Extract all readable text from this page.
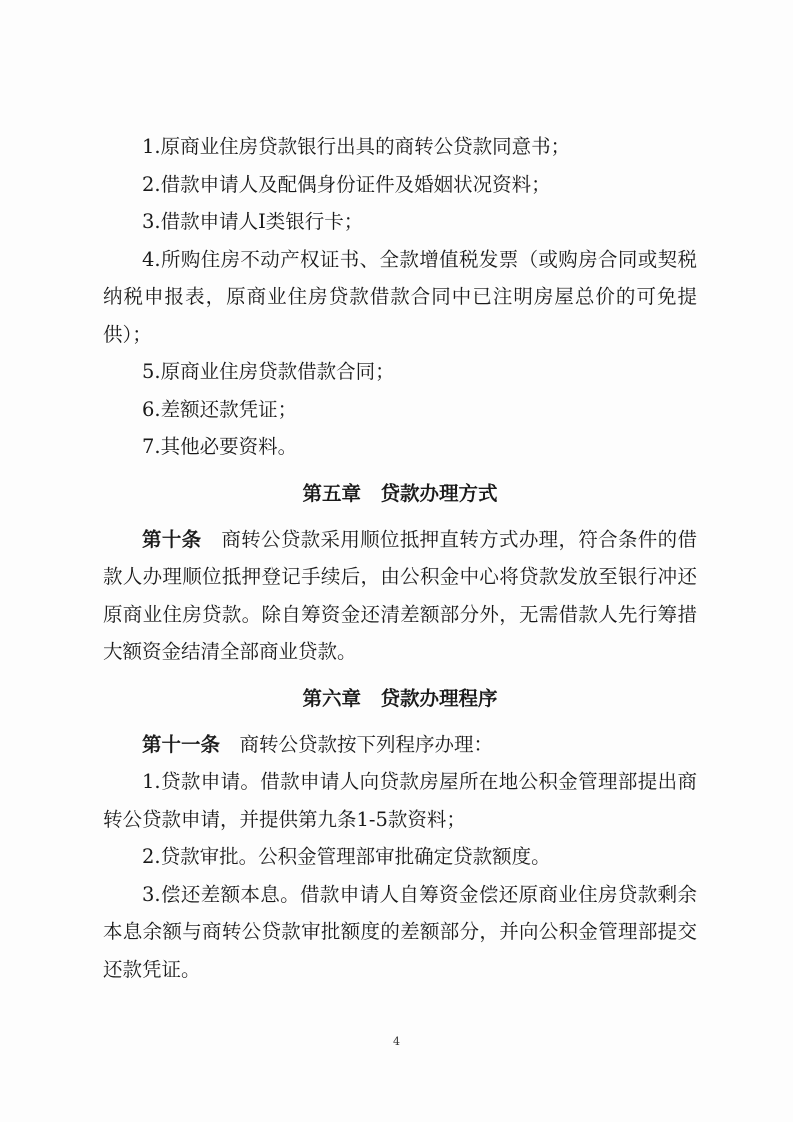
1.原商业住房贷款银行出具的商转公贷款同意书；

2.借款申请人及配偶身份证件及婚姻状况资料；

3.借款申请人Ⅰ类银行卡；

4.所购住房不动产权证书、全款增值税发票（或购房合同或契税纳税申报表，原商业住房贷款借款合同中已注明房屋总价的可免提供）；

5.原商业住房贷款借款合同；

6.差额还款凭证；

7.其他必要资料。

第五章　贷款办理方式

第十条　 商转公贷款采用顺位抵押直转方式办理，符合条件的借款人办理顺位抵押登记手续后，由公积金中心将贷款发放至银行冲还原商业住房贷款。除自筹资金还清差额部分外，无需借款人先行筹措大额资金结清全部商业贷款。

第六章　贷款办理程序

第十一条　 商转公贷款按下列程序办理：

1.贷款申请。借款申请人向贷款房屋所在地公积金管理部提出商转公贷款申请，并提供第九条1-5款资料；

2.贷款审批。公积金管理部审批确定贷款额度。

3.偿还差额本息。借款申请人自筹资金偿还原商业住房贷款剩余本息余额与商转公贷款审批额度的差额部分，并向公积金管理部提交还款凭证。

4
